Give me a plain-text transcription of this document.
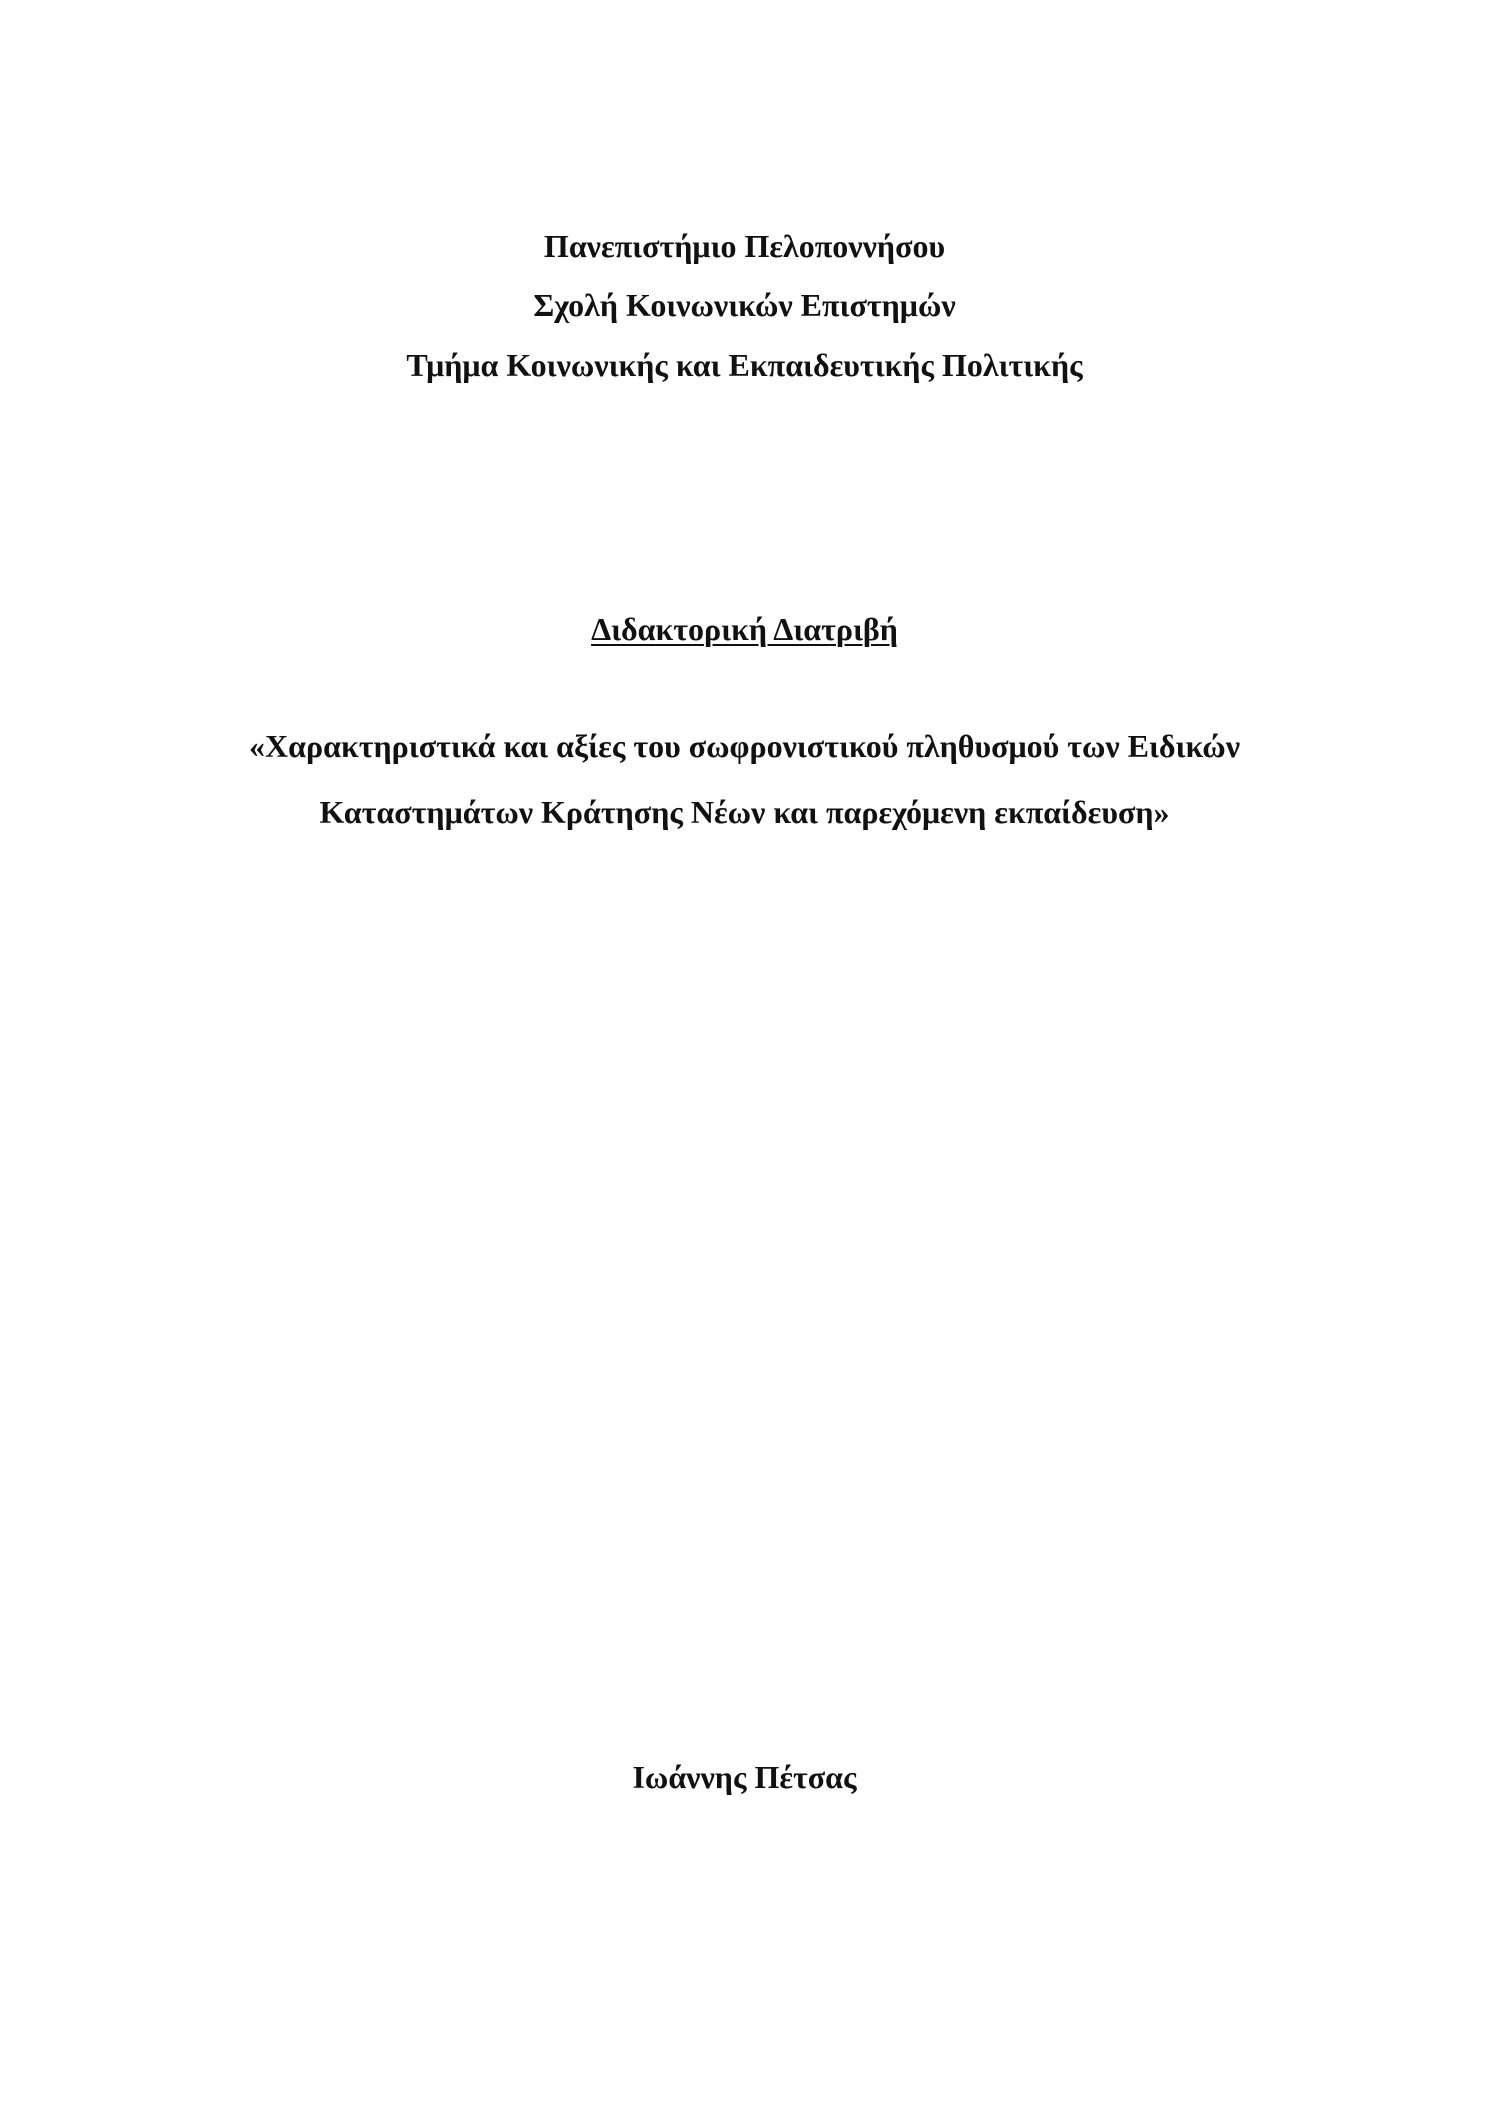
Πανεπιστήμιο Πελοποννήσου
Σχολή Κοινωνικών Επιστημών
Τμήμα Κοινωνικής και Εκπαιδευτικής Πολιτικής
Διδακτορική Διατριβή
«Χαρακτηριστικά και αξίες του σωφρονιστικού πληθυσμού των Ειδικών
Καταστημάτων Κράτησης Νέων και παρεχόμενη εκπαίδευση»
Ιωάννης Πέτσας
